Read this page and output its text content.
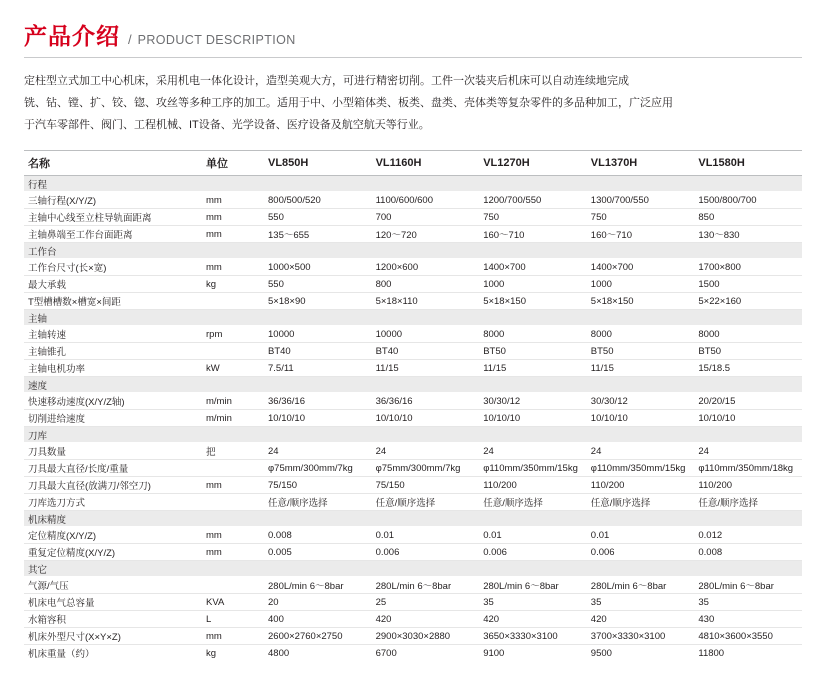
产品介绍 / PRODUCT DESCRIPTION

定柱型立式加工中心机床，采用机电一体化设计，造型美观大方，可进行精密切削。工件一次装夹后机床可以自动连续地完成

铣、钻、镗、扩、铰、锪、攻丝等多种工序的加工。适用于中、小型箱体类、板类、盘类、壳体类等复杂零件的多品种加工，广泛应用

于汽车零部件、阀门、工程机械、IT设备、光学设备、医疗设备及航空航天等行业。

名称	单位	VL850H	VL1160H	VL1270H	VL1370H	VL1580H
行程						
三轴行程(X/Y/Z)	mm	800/500/520	1100/600/600	1200/700/550	1300/700/550	1500/800/700
主轴中心线至立柱导轨面距离	mm	550	700	750	750	850
主轴鼻端至工作台面距离	mm	135～655	120～720	160～710	160～710	130～830
工作台						
工作台尺寸(长×宽)	mm	1000×500	1200×600	1400×700	1400×700	1700×800
最大承载	kg	550	800	1000	1000	1500
T型槽槽数×槽宽×间距		5×18×90	5×18×110	5×18×150	5×18×150	5×22×160
主轴						
主轴转速	rpm	10000	10000	8000	8000	8000
主轴锥孔		BT40	BT40	BT50	BT50	BT50
主轴电机功率	kW	7.5/11	11/15	11/15	11/15	15/18.5
速度						
快速移动速度(X/Y/Z轴)	m/min	36/36/16	36/36/16	30/30/12	30/30/12	20/20/15
切削进给速度	m/min	10/10/10	10/10/10	10/10/10	10/10/10	10/10/10
刀库						
刀具数量	把	24	24	24	24	24
刀具最大直径/长度/重量		φ75mm/300mm/7kg	φ75mm/300mm/7kg	φ110mm/350mm/15kg	φ110mm/350mm/15kg	φ110mm/350mm/18kg
刀具最大直径(放满刀/邻空刀)	mm	75/150	75/150	110/200	110/200	110/200
刀库选刀方式		任意/顺序选择	任意/顺序选择	任意/顺序选择	任意/顺序选择	任意/顺序选择
机床精度						
定位精度(X/Y/Z)	mm	0.008	0.01	0.01	0.01	0.012
重复定位精度(X/Y/Z)	mm	0.005	0.006	0.006	0.006	0.008
其它						
气源/气压		280L/min 6～8bar	280L/min 6～8bar	280L/min 6～8bar	280L/min 6～8bar	280L/min 6～8bar
机床电气总容量	KVA	20	25	35	35	35
水箱容积	L	400	420	420	420	430
机床外型尺寸(X×Y×Z)	mm	2600×2760×2750	2900×3030×2880	3650×3330×3100	3700×3330×3100	4810×3600×3550
机床重量（约）	kg	4800	6700	9100	9500	11800
